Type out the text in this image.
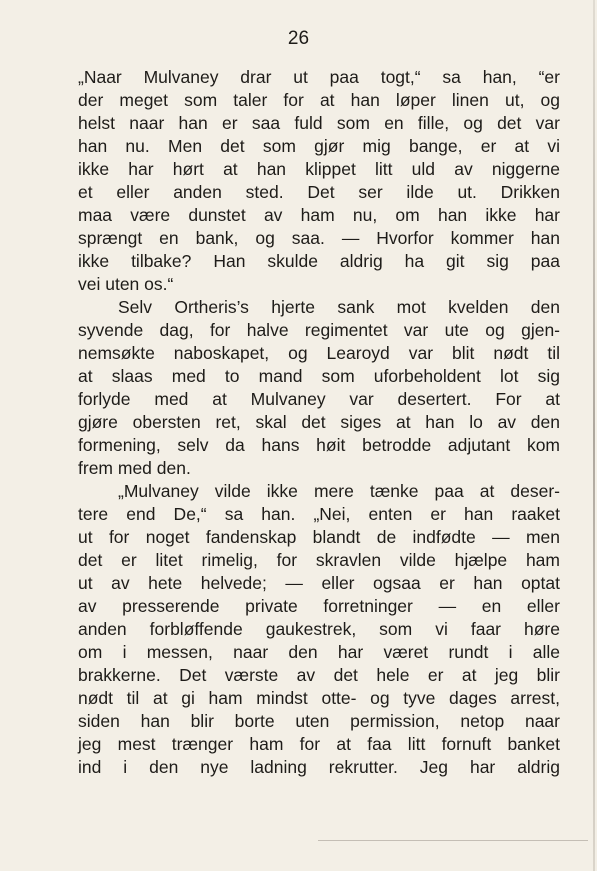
26
„Naar Mulvaney drar ut paa togt,“ sa han, “er
der meget som taler for at han løper linen ut, og
helst naar han er saa fuld som en fille, og det var
han nu. Men det som gjør mig bange, er at vi
ikke har hørt at han klippet litt uld av niggerne
et eller anden sted. Det ser ilde ut. Drikken
maa være dunstet av ham nu, om han ikke har
sprængt en bank, og saa. — Hvorfor kommer han
ikke tilbake? Han skulde aldrig ha git sig paa
vei uten os.“
Selv Ortheris’s hjerte sank mot kvelden den
syvende dag, for halve regimentet var ute og gjen-
nemsøkte naboskapet, og Learoyd var blit nødt til
at slaas med to mand som uforbeholdent lot sig
forlyde med at Mulvaney var desertert. For at
gjøre obersten ret, skal det siges at han lo av den
formening, selv da hans høit betrodde adjutant kom
frem med den.
„Mulvaney vilde ikke mere tænke paa at deser-
tere end De,“ sa han. „Nei, enten er han raaket
ut for noget fandenskap blandt de indfødte — men
det er litet rimelig, for skravlen vilde hjælpe ham
ut av hete helvede; — eller ogsaa er han optat
av presserende private forretninger — en eller
anden forbløffende gaukestrek, som vi faar høre
om i messen, naar den har været rundt i alle
brakkerne. Det værste av det hele er at jeg blir
nødt til at gi ham mindst otte- og tyve dages arrest,
siden han blir borte uten permission, netop naar
jeg mest trænger ham for at faa litt fornuft banket
ind i den nye ladning rekrutter. Jeg har aldrig
